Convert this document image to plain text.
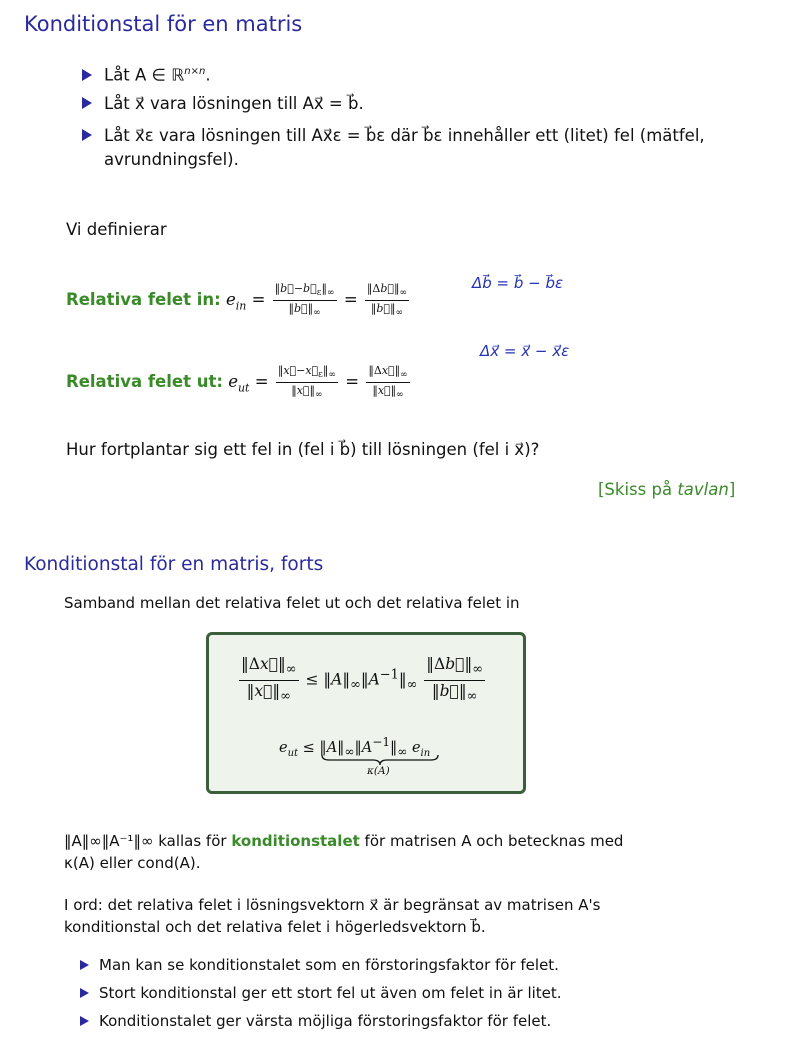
Konditionstal för en matris
Låt A ∈ ℝ$^{n\times n}$.
Låt x⃗ vara lösningen till Ax⃗ = b⃗.
Låt x⃗ε vara lösningen till Ax⃗ε = b⃗ε där b⃗ε innehåller ett (litet) fel (mätfel,
avrundningsfel).
Vi definierar
Relativa felet in: $e_{in} = \frac{‖b⃗-b⃗_\varepsilon‖_\infty}{‖b⃗‖_\infty} = \frac{‖\Delta b⃗‖_\infty}{‖b⃗‖_\infty}$	Δb⃗ = b⃗ − b⃗ε
Relativa felet ut: $e_{ut} = \frac{‖x⃗-x⃗_\varepsilon‖_\infty}{‖x⃗‖_\infty} = \frac{‖\Delta x⃗‖_\infty}{‖x⃗‖_\infty}$
Δx⃗ = x⃗ − x⃗ε
Hur fortplantar sig ett fel in (fel i b⃗) till lösningen (fel i x⃗)?
[Skiss på tavlan]
Konditionstal för en matris, forts
Samband mellan det relativa felet ut och det relativa felet in
$\frac{‖\Delta x⃗‖_\infty}{‖x⃗‖_\infty}$ ≤ $‖A‖_\infty‖A^{-1}‖_\infty \frac{‖\Delta b⃗‖_\infty}{‖b⃗‖_\infty}$
$e_{ut}$ ≤ $‖A‖_\infty‖A^{-1}‖_\infty$ $e_{in}$
κ(A)
‖A‖∞‖A⁻¹‖∞ kallas för konditionstalet för matrisen A och betecknas med
κ(A) eller cond(A).
I ord: det relativa felet i lösningsvektorn x⃗ är begränsat av matrisen A's
konditionstal och det relativa felet i högerledsvektorn b⃗.
Man kan se konditionstalet som en förstoringsfaktor för felet.
Stort konditionstal ger ett stort fel ut även om felet in är litet.
Konditionstalet ger värsta möjliga förstoringsfaktor för felet.
